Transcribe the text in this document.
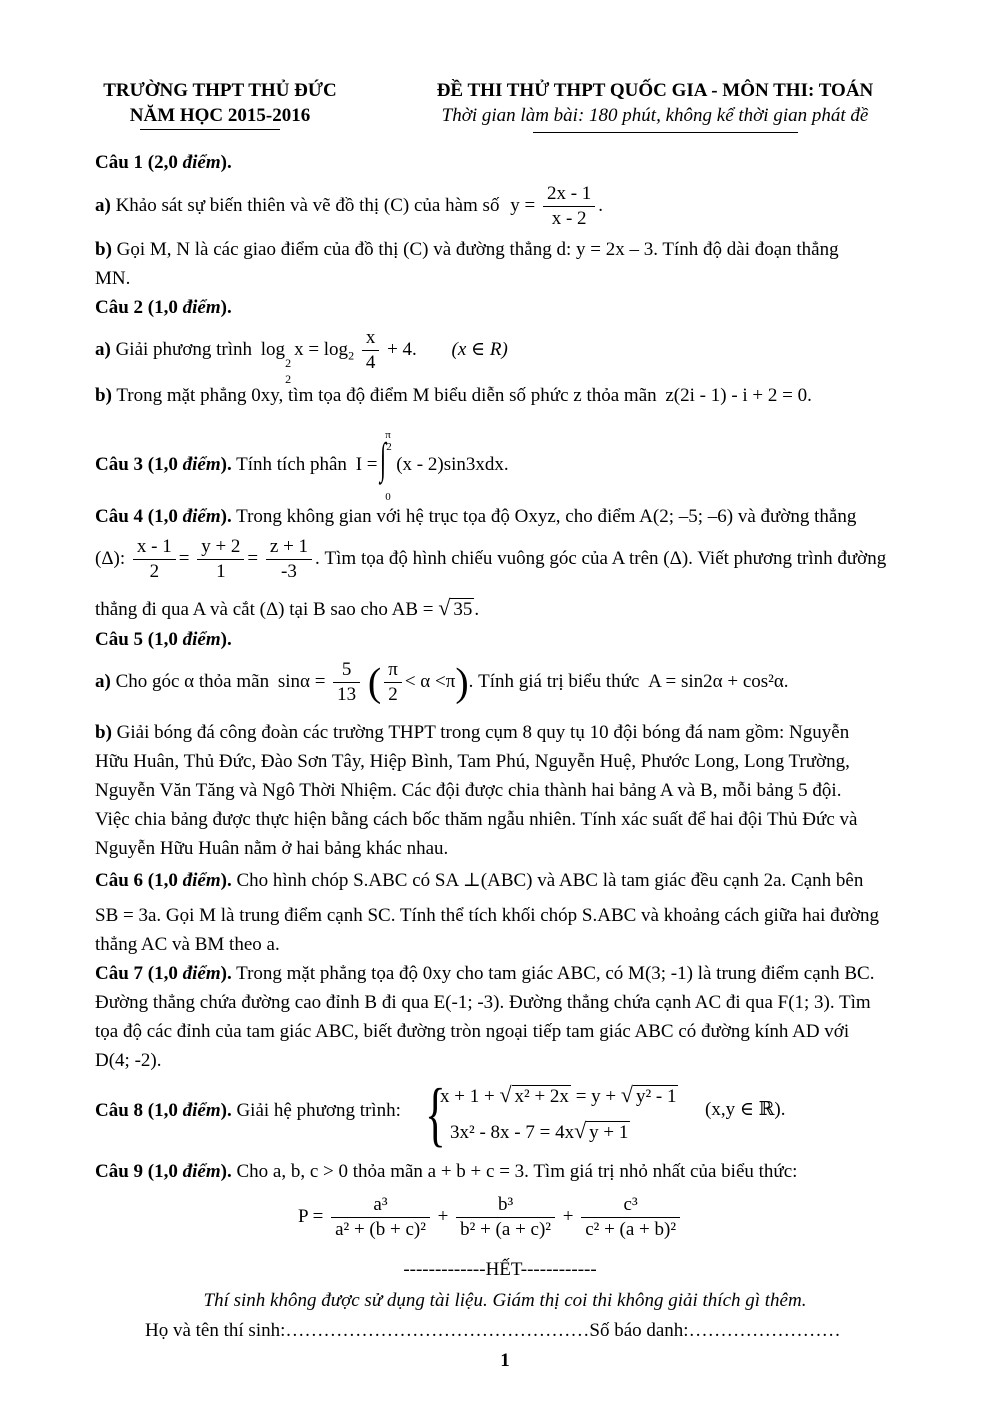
TRƯỜNG THPT THỦ ĐỨC
NĂM HỌC 2015-2016
ĐỀ THI THỬ THPT QUỐC GIA - MÔN THI: TOÁN
Thời gian làm bài: 180 phút, không kể thời gian phát đề
Câu 1 (2,0 điểm).
a) Khảo sát sự biến thiên và vẽ đồ thị (C) của hàm số $y = \frac{2x - 1}{x - 2}$ .
b) Gọi M, N là các giao điểm của đồ thị (C) và đường thẳng d: y = 2x – 3. Tính độ dài đoạn thẳng
MN.
Câu 2 (1,0 điểm).
a) Giải phương trình log
2
2
$x = \log_2 \frac{x}{4} + 4$. (x ∈ R)
b) Trong mặt phẳng 0xy, tìm tọa độ điểm M biểu diễn số phức z thỏa mãn z(2i - 1) - i + 2 = 0.
Câu 3 (1,0 điểm). Tính tích phân I = ∫
π
2
0
(x - 2)sin3xdx.
Câu 4 (1,0 điểm). Trong không gian với hệ trục tọa độ Oxyz, cho điểm A(2; –5; –6) và đường thẳng
(Δ): $\frac{x - 1}{2} = \frac{y + 2}{1} = \frac{z + 1}{-3}$ . Tìm tọa độ hình chiếu vuông góc của A trên (Δ). Viết phương trình đường
thẳng đi qua A và cắt (Δ) tại B sao cho AB = √ 35 .
Câu 5 (1,0 điểm).
a) Cho góc α thỏa mãn $\sin\alpha = \frac{5}{13}$ ( $\frac{\pi}{2} < \alpha <\pi$). Tính giá trị biểu thức A = sin2α + cos²α.
b) Giải bóng đá công đoàn các trường THPT trong cụm 8 quy tụ 10 đội bóng đá nam gồm: Nguyễn
Hữu Huân, Thủ Đức, Đào Sơn Tây, Hiệp Bình, Tam Phú, Nguyễn Huệ, Phước Long, Long Trường,
Nguyễn Văn Tăng và Ngô Thời Nhiệm. Các đội được chia thành hai bảng A và B, mỗi bảng 5 đội.
Việc chia bảng được thực hiện bằng cách bốc thăm ngẫu nhiên. Tính xác suất để hai đội Thủ Đức và
Nguyễn Hữu Huân nằm ở hai bảng khác nhau.
Câu 6 (1,0 điểm). Cho hình chóp S.ABC có SA ⊥(ABC) và ABC là tam giác đều cạnh 2a. Cạnh bên
SB = 3a. Gọi M là trung điểm cạnh SC. Tính thể tích khối chóp S.ABC và khoảng cách giữa hai đường
thẳng AC và BM theo a.
Câu 7 (1,0 điểm). Trong mặt phẳng tọa độ 0xy cho tam giác ABC, có M(3; -1) là trung điểm cạnh BC.
Đường thẳng chứa đường cao đỉnh B đi qua E(-1; -3). Đường thẳng chứa cạnh AC đi qua F(1; 3). Tìm
tọa độ các đỉnh của tam giác ABC, biết đường tròn ngoại tiếp tam giác ABC có đường kính AD với
D(4; -2).
Câu 8 (1,0 điểm). Giải hệ phương trình: {
x + 1 + √ x² + 2x = y + √ y² - 1
3x² - 8x - 7 = 4x√ y + 1
(x,y ∈ ℝ).
Câu 9 (1,0 điểm). Cho a, b, c > 0 thỏa mãn a + b + c = 3. Tìm giá trị nhỏ nhất của biểu thức:
$P = \frac{\text{a³}}{\text{a² + (b + c)²}} + \frac{\text{b³}}{\text{b² + (a + c)²}} + \frac{\text{c³}}{\text{c² + (a + b)²}}$
-------------HẾT------------
Thí sinh không được sử dụng tài liệu. Giám thị coi thi không giải thích gì thêm.
Họ và tên thí sinh:…………………………………………Số báo danh:……………………
1
